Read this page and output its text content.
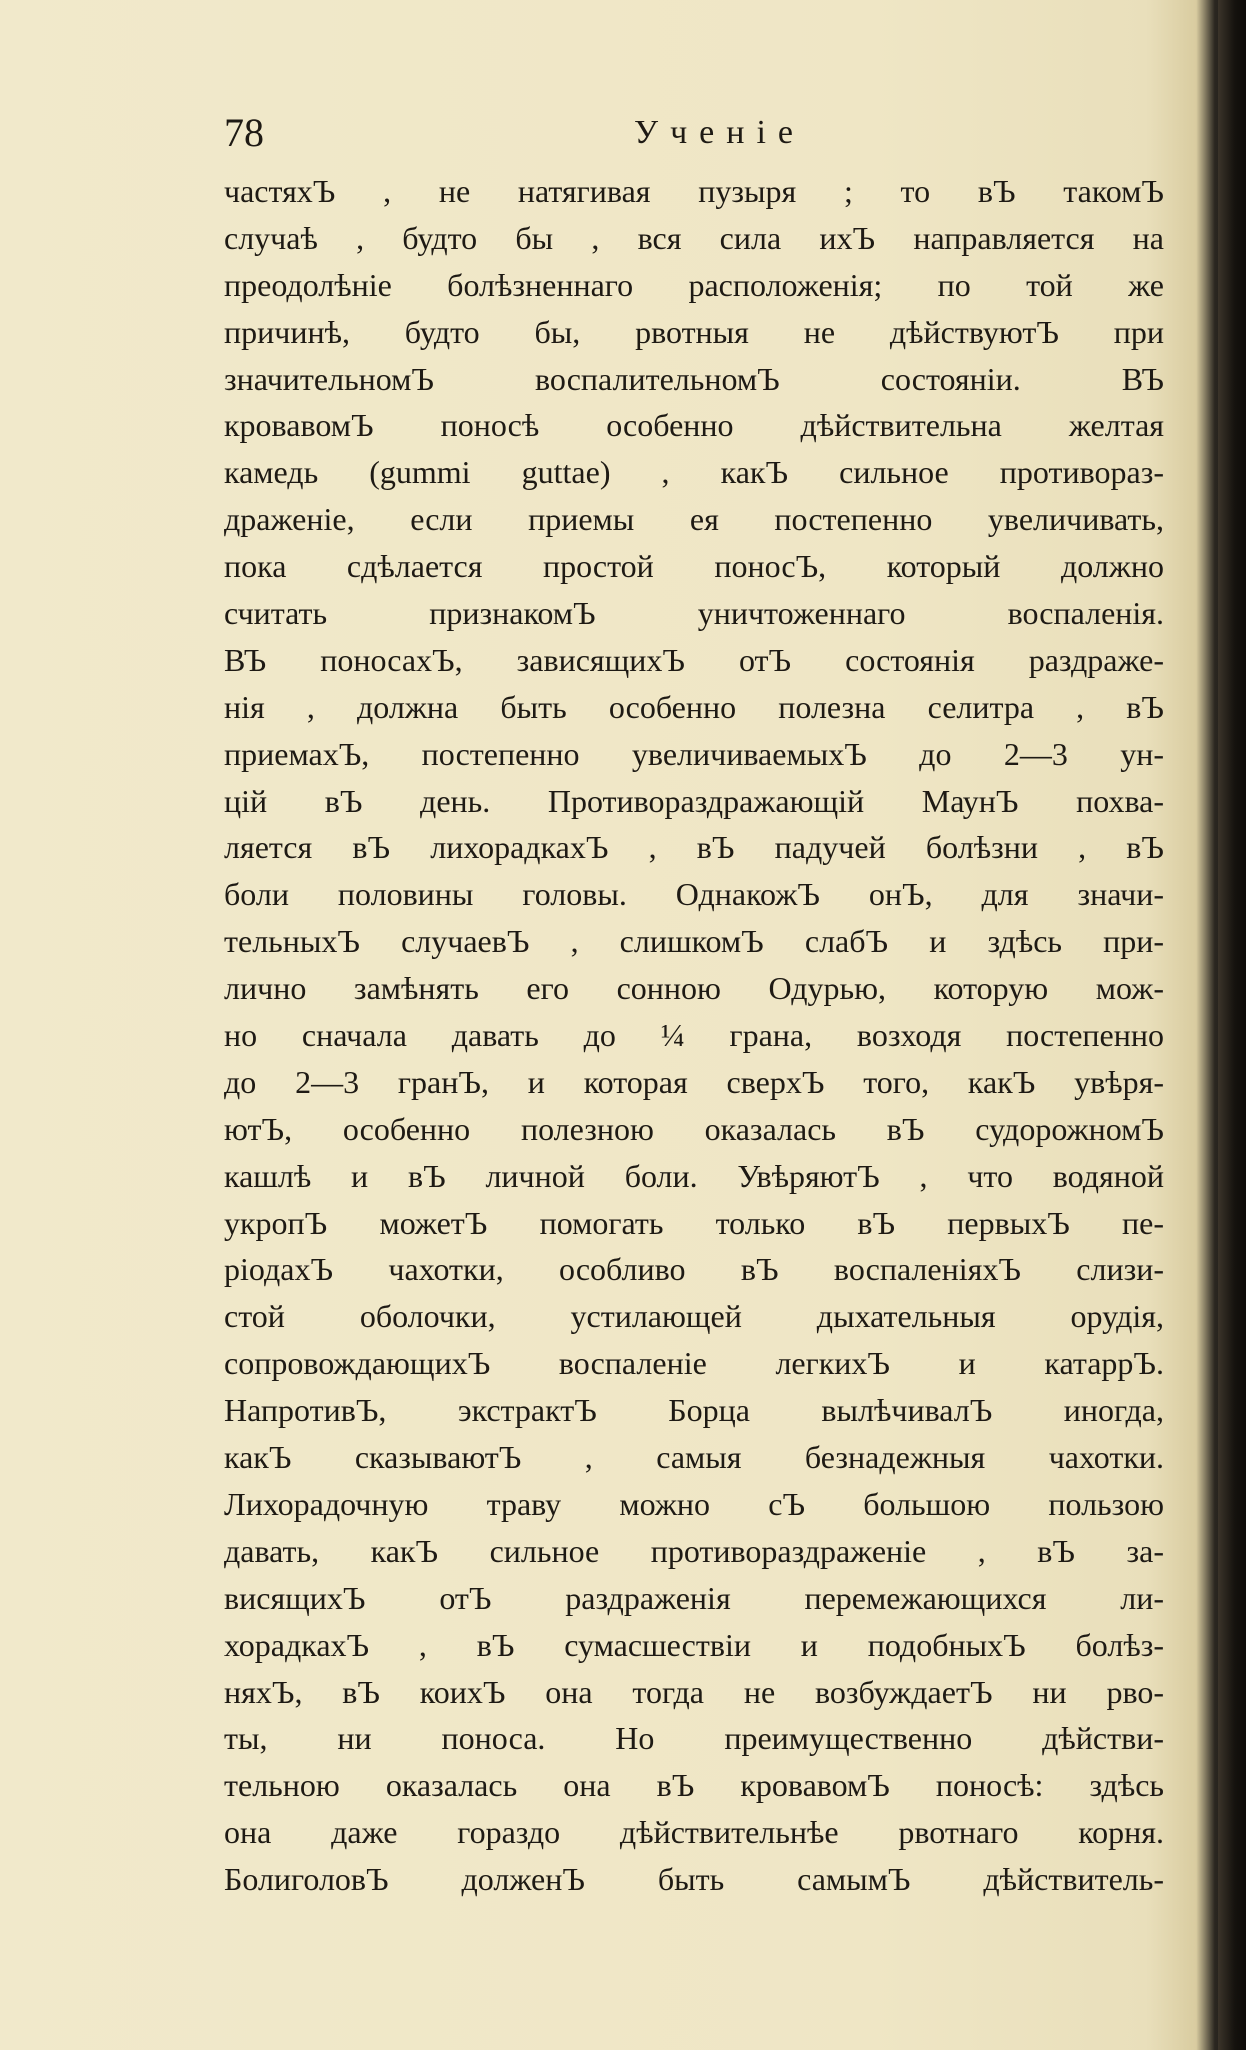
78	Ученіе
частяхЪ , не натягивая пузыря ; то вЪ такомЪ
случаѣ , будто бы , вся сила ихЪ направляется на
преодолѣніе болѣзненнаго расположенія; по той же
причинѣ, будто бы, рвотныя не дѣйствуютЪ при
значительномЪ воспалительномЪ состояніи. ВЪ
кровавомЪ поносѣ особенно дѣйствительна желтая
камедь (gummi guttae) , какЪ сильное противораз-
драженіе, если приемы ея постепенно увеличивать,
пока сдѣлается простой поносЪ, который должно
считать признакомЪ уничтоженнаго воспаленія.
ВЪ поносахЪ, зависящихЪ отЪ состоянія раздраже-
нія , должна быть особенно полезна селитра , вЪ
приемахЪ, постепенно увеличиваемыхЪ до 2—3 ун-
цій вЪ день. Противораздражающій МаунЪ похва-
ляется вЪ лихорадкахЪ , вЪ падучей болѣзни , вЪ
боли половины головы. ОднакожЪ онЪ, для значи-
тельныхЪ случаевЪ , слишкомЪ слабЪ и здѣсь при-
лично замѣнять его сонною Одурью, которую мож-
но сначала давать до ¼ грана, возходя постепенно
до 2—3 гранЪ, и которая сверхЪ того, какЪ увѣря-
ютЪ, особенно полезною оказалась вЪ судорожномЪ
кашлѣ и вЪ личной боли. УвѣряютЪ , что водяной
укропЪ можетЪ помогать только вЪ первыхЪ пе-
ріодахЪ чахотки, особливо вЪ воспаленіяхЪ слизи-
стой оболочки, устилающей дыхательныя орудія,
сопровождающихЪ воспаленіе легкихЪ и катаррЪ.
НапротивЪ, экстрактЪ Борца вылѣчивалЪ иногда,
какЪ сказываютЪ , самыя безнадежныя чахотки.
Лихорадочную траву можно сЪ большою пользою
давать, какЪ сильное противораздраженіе , вЪ за-
висящихЪ отЪ раздраженія перемежающихся ли-
хорадкахЪ , вЪ сумасшествіи и подобныхЪ болѣз-
няхЪ, вЪ коихЪ она тогда не возбуждаетЪ ни рво-
ты, ни поноса. Но преимущественно дѣйстви-
тельною оказалась она вЪ кровавомЪ поносѣ: здѣсь
она даже гораздо дѣйствительнѣе рвотнаго корня.
БолиголовЪ долженЪ быть самымЪ дѣйствитель-
